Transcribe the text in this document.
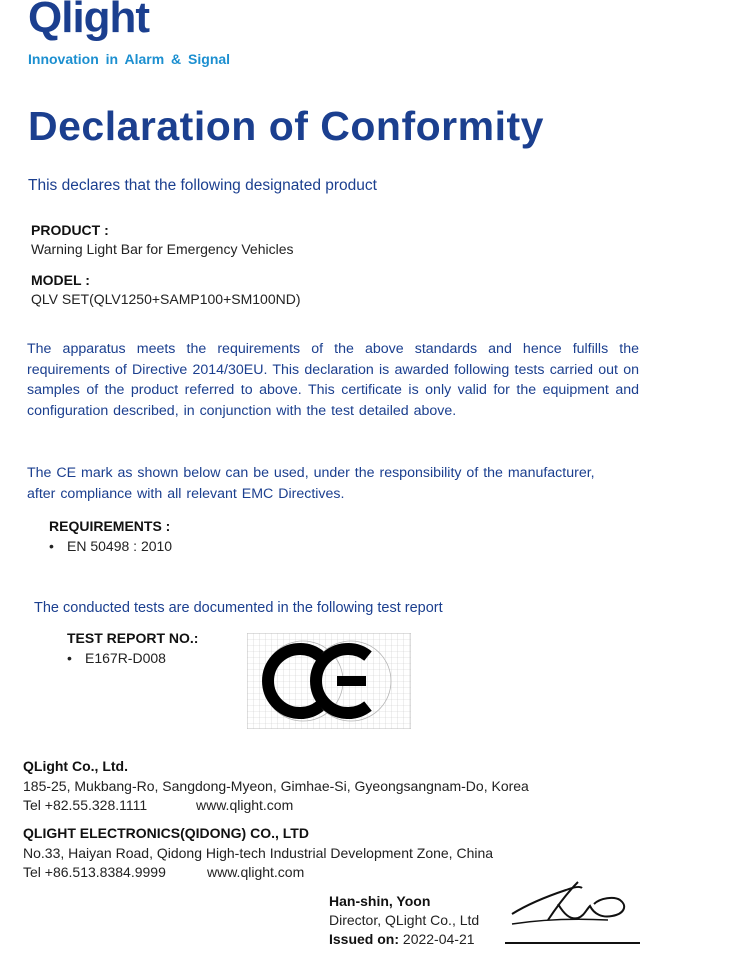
Qlight
Innovation in Alarm & Signal
Declaration of Conformity
This declares that the following designated product
PRODUCT :
Warning Light Bar for Emergency Vehicles
MODEL :
QLV SET(QLV1250+SAMP100+SM100ND)
The apparatus meets the requirements of the above standards and hence fulfills the requirements of Directive 2014/30EU. This declaration is awarded following tests carried out on samples of the product referred to above. This certificate is only valid for the equipment and configuration described, in conjunction with the test detailed above.
The CE mark as shown below can be used, under the responsibility of the manufacturer, after compliance with all relevant EMC Directives.
REQUIREMENTS :
• EN 50498 : 2010
The conducted tests are documented in the following test report
TEST REPORT NO.:
• E167R-D008
QLight Co., Ltd.
185-25, Mukbang-Ro, Sangdong-Myeon, Gimhae-Si, Gyeongsangnam-Do, Korea
Tel +82.55.328.1111	www.qlight.com
QLIGHT ELECTRONICS(QIDONG) CO., LTD
No.33, Haiyan Road, Qidong High-tech Industrial Development Zone, China
Tel +86.513.8384.9999	www.qlight.com
Han-shin, Yoon
Director, QLight Co., Ltd
Issued on: 2022-04-21
